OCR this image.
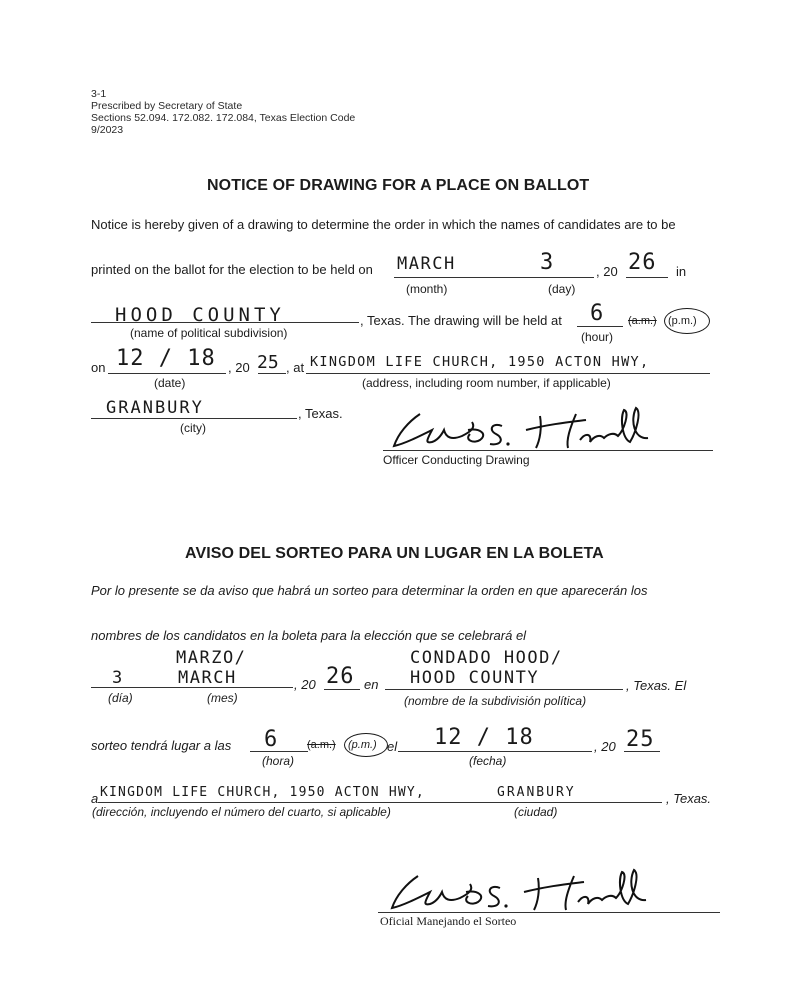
3-1
Prescribed by Secretary of State
Sections 52.094. 172.082. 172.084, Texas Election Code
9/2023
NOTICE OF DRAWING FOR A PLACE ON BALLOT
Notice is hereby given of a drawing to determine the order in which the names of candidates are to be
printed on the ballot for the election to be held on MARCH	3	, 20 26 in
(month)	(day)
HOOD COUNTY	, Texas. The drawing will be held at 6 (a.m.) (p.m.)
(name of political subdivision)	(hour)
on 12 / 18 , 20 25 , at KINGDOM LIFE CHURCH, 1950 ACTON HWY,
(date)	(address, including room number, if applicable)
GRANBURY	, Texas.
(city)
Officer Conducting Drawing
AVISO DEL SORTEO PARA UN LUGAR EN LA BOLETA
Por lo presente se da aviso que habrá un sorteo para determinar la orden en que aparecerán los
nombres de los candidatos en la boleta para la elección que se celebrará el
MARZO/	CONDADO HOOD/
3	MARCH	, 20 26 en HOOD COUNTY	, Texas. El
(día)	(mes)	(nombre de la subdivisión política)
sorteo tendrá lugar a las 6	(a.m.) (p.m.) el 12 / 18	, 20 25
(hora)	(fecha)
a KINGDOM LIFE CHURCH, 1950 ACTON HWY,	GRANBURY	, Texas.
(dirección, incluyendo el número del cuarto, si aplicable)	(ciudad)
Oficial Manejando el Sorteo
